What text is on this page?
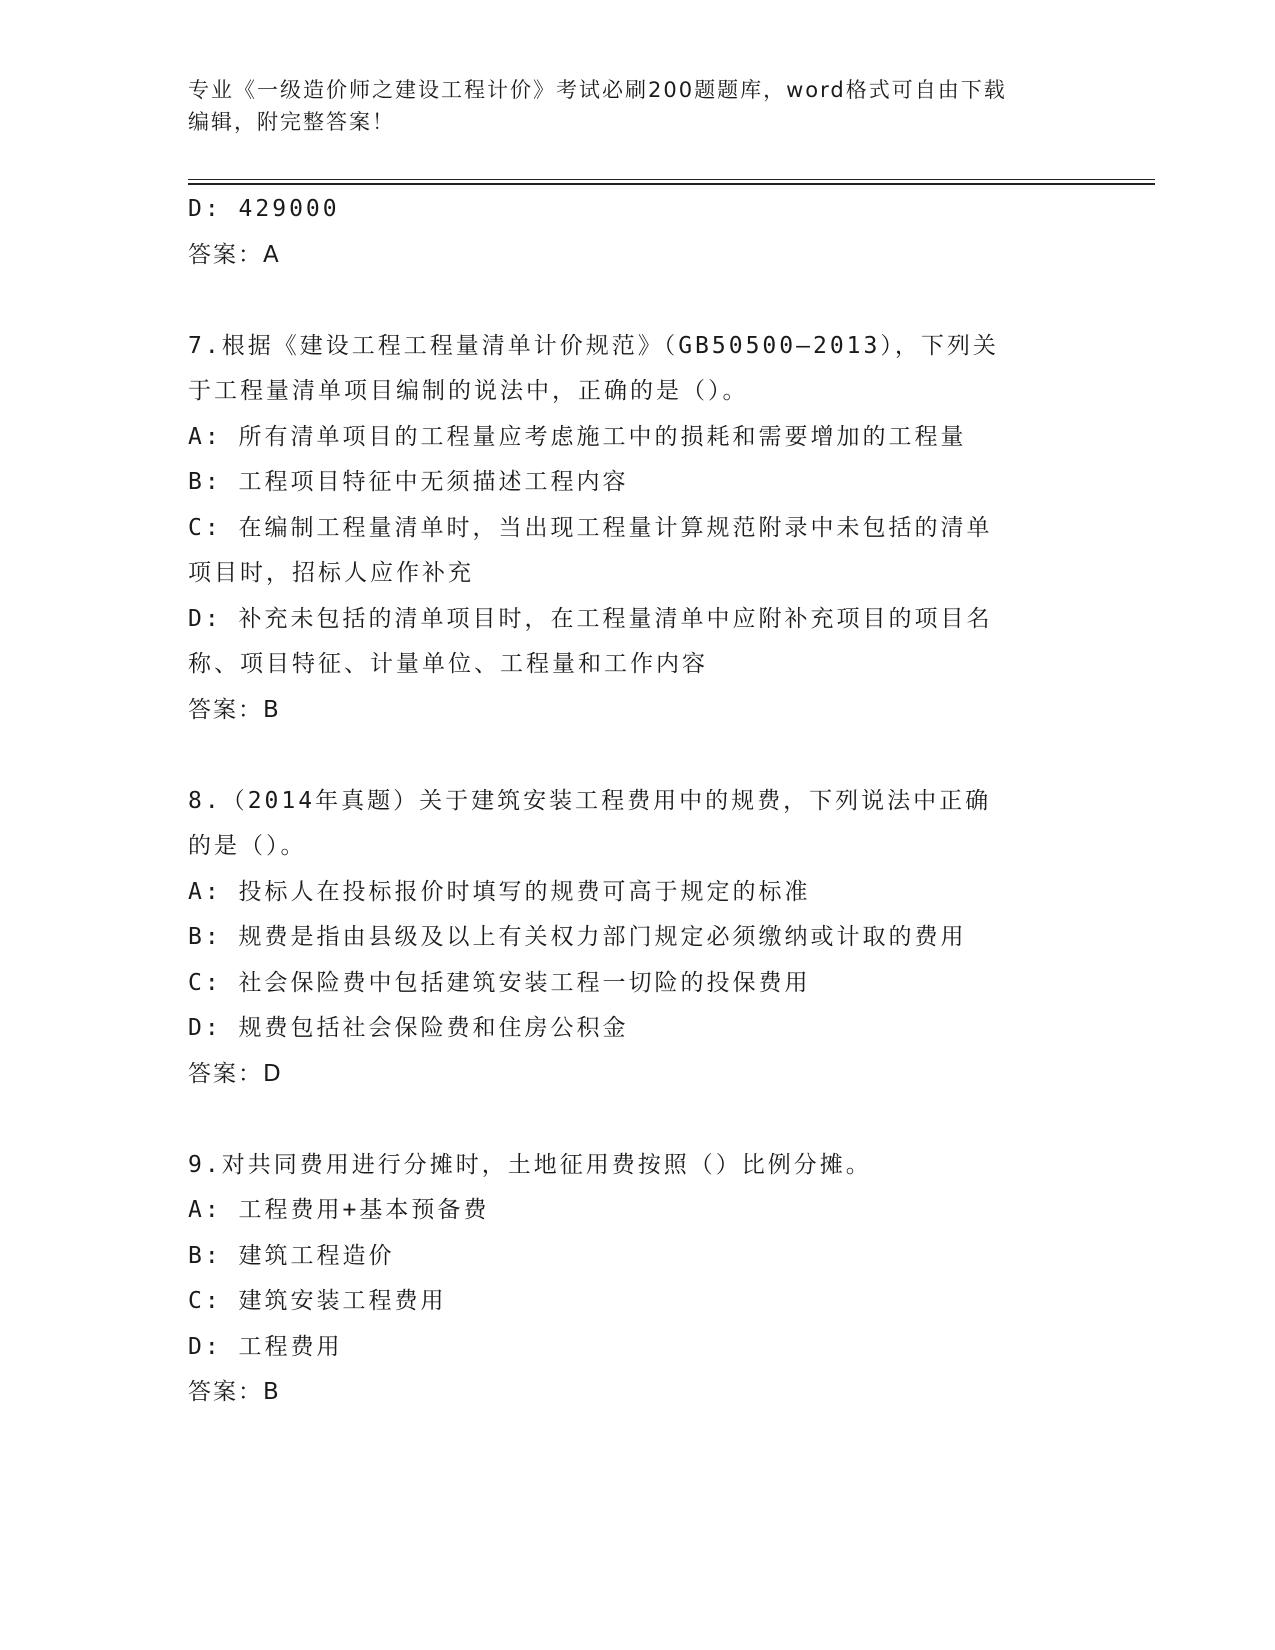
专业《一级造价师之建设工程计价》考试必刷200题题库，word格式可自由下载
编辑，附完整答案！
D: 429000
答案：A
7.根据《建设工程工程量清单计价规范》（GB50500—2013），下列关
于工程量清单项目编制的说法中，正确的是（）。
A: 所有清单项目的工程量应考虑施工中的损耗和需要增加的工程量
B: 工程项目特征中无须描述工程内容
C: 在编制工程量清单时，当出现工程量计算规范附录中未包括的清单
项目时，招标人应作补充
D: 补充未包括的清单项目时，在工程量清单中应附补充项目的项目名
称、项目特征、计量单位、工程量和工作内容
答案：B
8.（2014年真题）关于建筑安装工程费用中的规费，下列说法中正确
的是（）。
A: 投标人在投标报价时填写的规费可高于规定的标准
B: 规费是指由县级及以上有关权力部门规定必须缴纳或计取的费用
C: 社会保险费中包括建筑安装工程一切险的投保费用
D: 规费包括社会保险费和住房公积金
答案：D
9.对共同费用进行分摊时，土地征用费按照（）比例分摊。
A: 工程费用+基本预备费
B: 建筑工程造价
C: 建筑安装工程费用
D: 工程费用
答案：B
